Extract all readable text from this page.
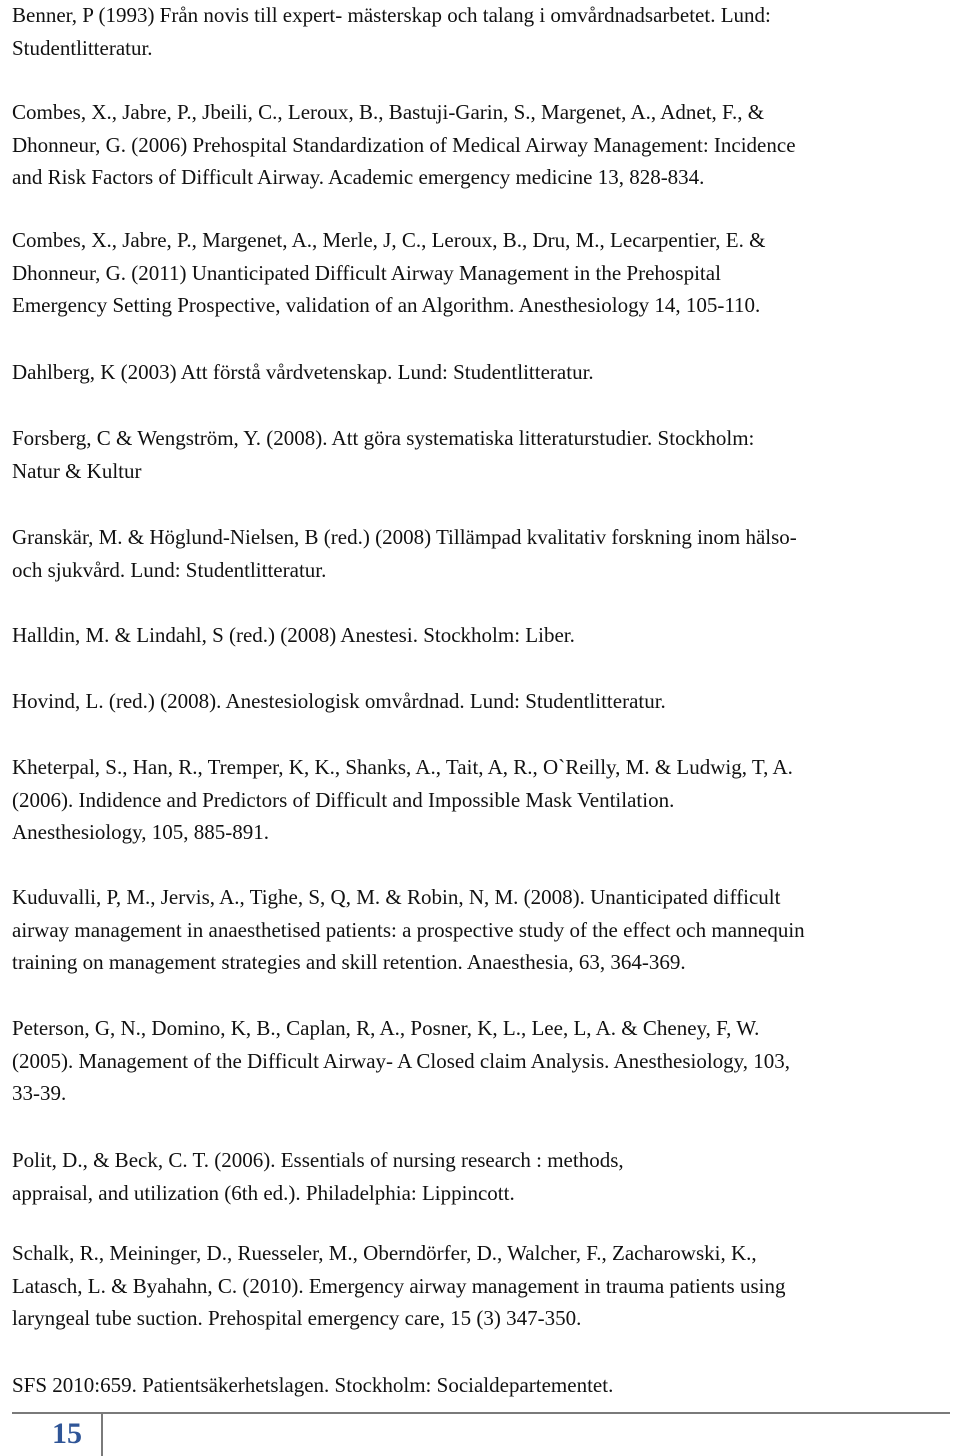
Benner, P (1993) Från novis till expert- mästerskap och talang i omvårdnadsarbetet. Lund:
Studentlitteratur.

Combes, X., Jabre, P., Jbeili, C., Leroux, B., Bastuji-Garin, S., Margenet, A., Adnet, F., &
Dhonneur, G. (2006) Prehospital Standardization of Medical Airway Management: Incidence
and Risk Factors of Difficult Airway. Academic emergency medicine 13, 828-834.

Combes, X., Jabre, P., Margenet, A., Merle, J, C., Leroux, B., Dru, M., Lecarpentier, E. &
Dhonneur, G. (2011) Unanticipated Difficult Airway Management in the Prehospital
Emergency Setting Prospective, validation of an Algorithm. Anesthesiology 14, 105-110.

Dahlberg, K (2003) Att förstå vårdvetenskap. Lund: Studentlitteratur.

Forsberg, C & Wengström, Y. (2008). Att göra systematiska litteraturstudier. Stockholm:
Natur & Kultur

Granskär, M. & Höglund-Nielsen, B (red.) (2008) Tillämpad kvalitativ forskning inom hälso-
och sjukvård. Lund: Studentlitteratur.

Halldin, M. & Lindahl, S (red.) (2008) Anestesi. Stockholm: Liber.

Hovind, L. (red.) (2008). Anestesiologisk omvårdnad. Lund: Studentlitteratur.

Kheterpal, S., Han, R., Tremper, K, K., Shanks, A., Tait, A, R., O`Reilly, M. & Ludwig, T, A.
(2006). Indidence and Predictors of Difficult and Impossible Mask Ventilation.
Anesthesiology, 105, 885-891.

Kuduvalli, P, M., Jervis, A., Tighe, S, Q, M. & Robin, N, M. (2008). Unanticipated difficult
airway management in anaesthetised patients: a prospective study of the effect och mannequin
training on management strategies and skill retention. Anaesthesia, 63, 364-369.

Peterson, G, N., Domino, K, B., Caplan, R, A., Posner, K, L., Lee, L, A. & Cheney, F, W.
(2005). Management of the Difficult Airway- A Closed claim Analysis. Anesthesiology, 103,
33-39.

Polit, D., & Beck, C. T. (2006). Essentials of nursing research : methods,
appraisal, and utilization (6th ed.). Philadelphia: Lippincott.

Schalk, R., Meininger, D., Ruesseler, M., Oberndörfer, D., Walcher, F., Zacharowski, K.,
Latasch, L. & Byahahn, C. (2010). Emergency airway management in trauma patients using
laryngeal tube suction. Prehospital emergency care, 15 (3) 347-350.

SFS 2010:659. Patientsäkerhetslagen. Stockholm: Socialdepartementet.

15
